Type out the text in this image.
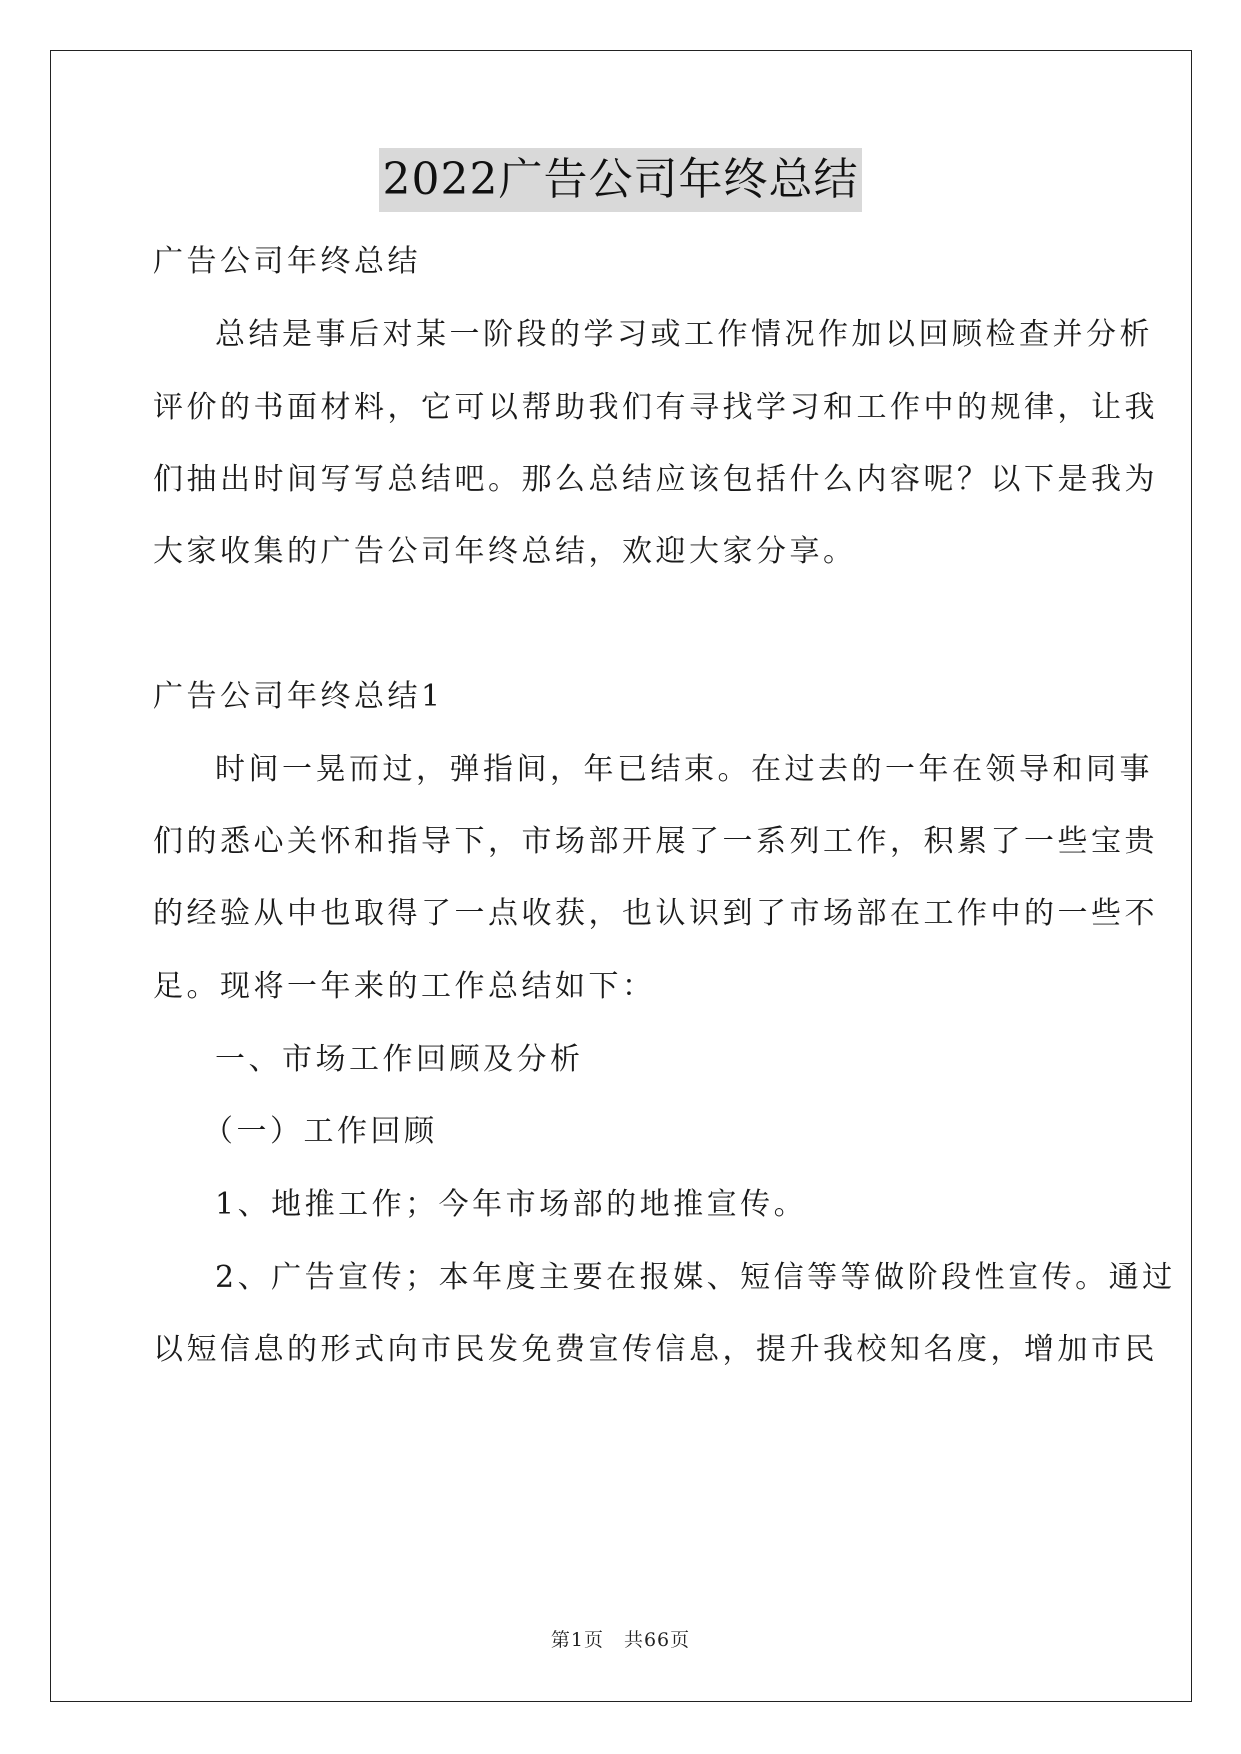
2022广告公司年终总结
广告公司年终总结
总结是事后对某一阶段的学习或工作情况作加以回顾检查并分析
评价的书面材料，它可以帮助我们有寻找学习和工作中的规律，让我
们抽出时间写写总结吧。那么总结应该包括什么内容呢？以下是我为
大家收集的广告公司年终总结，欢迎大家分享。
广告公司年终总结1
时间一晃而过，弹指间，年已结束。在过去的一年在领导和同事
们的悉心关怀和指导下，市场部开展了一系列工作，积累了一些宝贵
的经验从中也取得了一点收获，也认识到了市场部在工作中的一些不
足。现将一年来的工作总结如下：
一、市场工作回顾及分析
（一）工作回顾
1、地推工作；今年市场部的地推宣传。
2、广告宣传；本年度主要在报媒、短信等等做阶段性宣传。通过
以短信息的形式向市民发免费宣传信息，提升我校知名度，增加市民
第1页　共66页
